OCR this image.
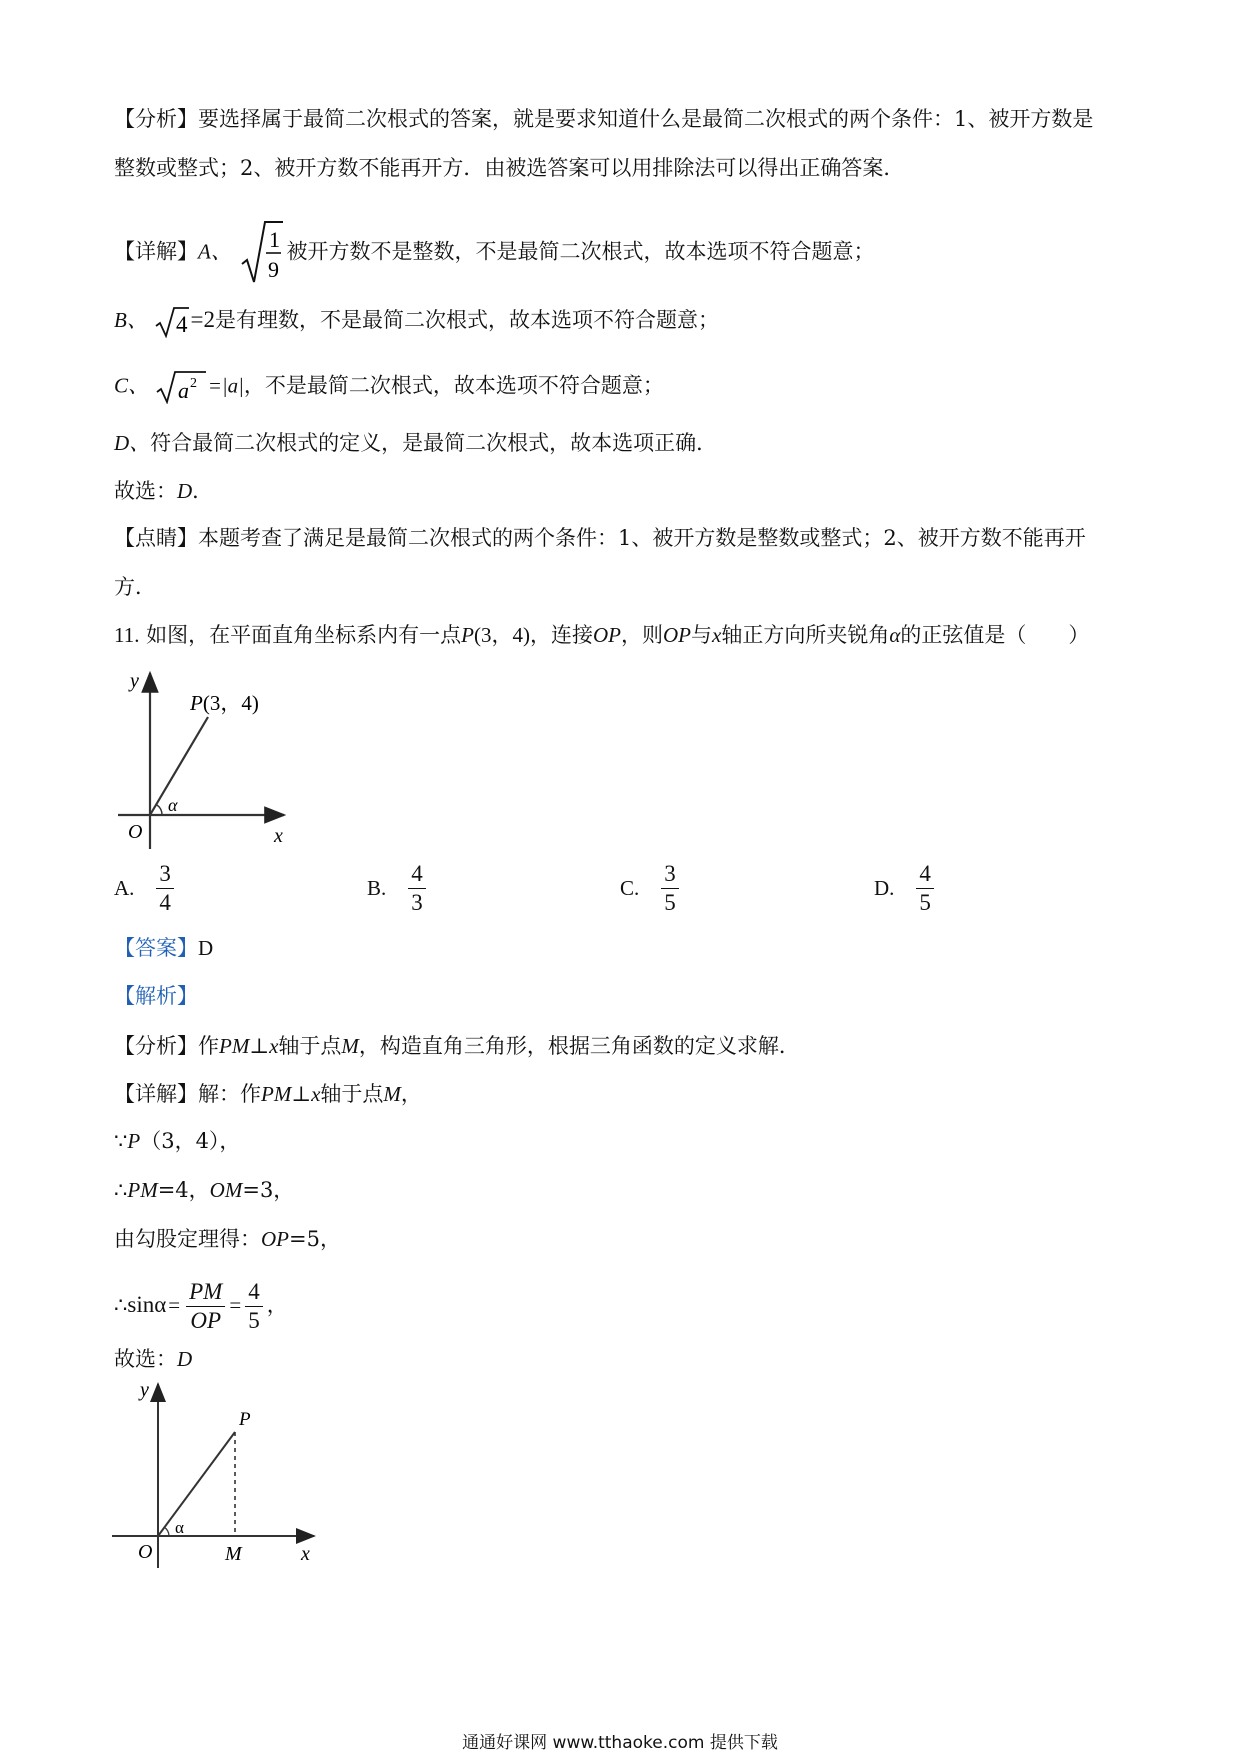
【分析】要选择属于最简二次根式的答案，就是要求知道什么是最简二次根式的两个条件：1、被开方数是
整数或整式；2、被开方数不能再开方．由被选答案可以用排除法可以得出正确答案．
【详解】A、 1
9
被开方数不是整数，不是最简二次根式，故本选项不符合题意；
B、 4 =2是有理数，不是最简二次根式，故本选项不符合题意；
C、 a 2 =|a|，不是最简二次根式，故本选项不符合题意；
D、符合最简二次根式的定义，是最简二次根式，故本选项正确．
故选：D．
【点睛】本题考查了满足是最简二次根式的两个条件：1、被开方数是整数或整式；2、被开方数不能再开
方．
11. 如图，在平面直角坐标系内有一点P(3，4)，连接OP，则OP与x轴正方向所夹锐角α的正弦值是（　　）
y
x
O
α
P(3，4)
A. $\frac{3}{4}$	B. $\frac{4}{3}$	C. $\frac{3}{5}$	D. $\frac{4}{5}$
【答案】D
【解析】
【分析】作PM⊥x轴于点M，构造直角三角形，根据三角函数的定义求解．
【详解】解：作PM⊥x轴于点M，
∵P（3，4），
∴PM=4，OM=3，
由勾股定理得：OP=5，
∴sinα= $\frac{PM}{OP} = \frac{4}{5}$ ，
故选：D
y
x
O	M
P
α
通通好课网 www.tthaoke.com 提供下载
